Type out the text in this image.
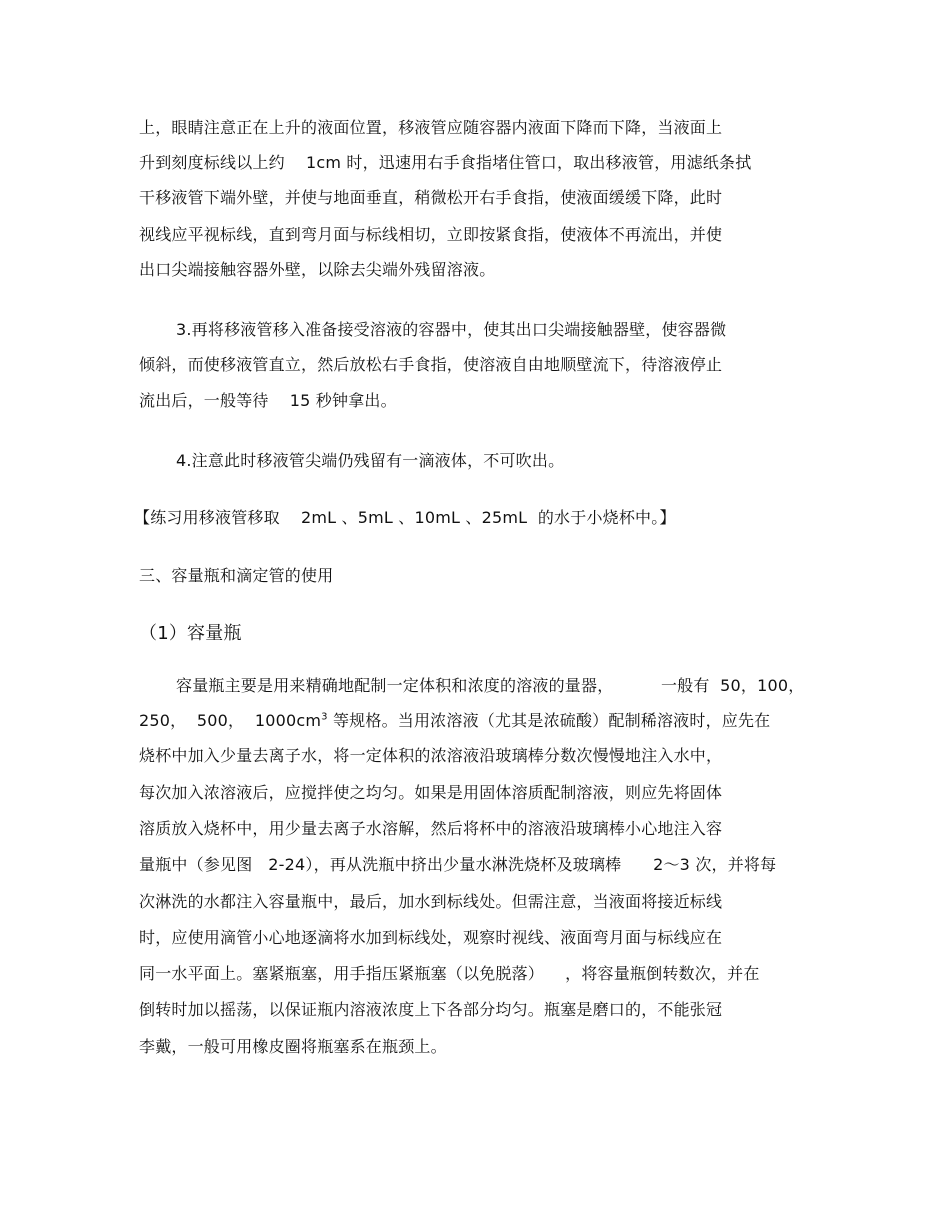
上，眼睛注意正在上升的液面位置，移液管应随容器内液面下降而下降，当液面上
升到刻度标线以上约    1cm 时，迅速用右手食指堵住管口，取出移液管，用滤纸条拭
干移液管下端外壁，并使与地面垂直，稍微松开右手食指，使液面缓缓下降，此时
视线应平视标线，直到弯月面与标线相切，立即按紧食指，使液体不再流出，并使
出口尖端接触容器外壁，以除去尖端外残留溶液。
3.再将移液管移入准备接受溶液的容器中，使其出口尖端接触器壁，使容器微
倾斜，而使移液管直立，然后放松右手食指，使溶液自由地顺壁流下，待溶液停止
流出后，一般等待    15 秒钟拿出。
4.注意此时移液管尖端仍残留有一滴液体，不可吹出。
【练习用移液管移取    2mL 、5mL 、10mL 、25mL  的水于小烧杯中。】
三、容量瓶和滴定管的使用
（1）容量瓶
容量瓶主要是用来精确地配制一定体积和浓度的溶液的量器，         一般有  50，100，
250，  500，  $1000cm^3$ 等规格。当用浓溶液（尤其是浓硫酸）配制稀溶液时，应先在
烧杯中加入少量去离子水，将一定体积的浓溶液沿玻璃棒分数次慢慢地注入水中，
每次加入浓溶液后，应搅拌使之均匀。如果是用固体溶质配制溶液，则应先将固体
溶质放入烧杯中，用少量去离子水溶解，然后将杯中的溶液沿玻璃棒小心地注入容
量瓶中（参见图   2-24），再从洗瓶中挤出少量水淋洗烧杯及玻璃棒      2～3 次，并将每
次淋洗的水都注入容量瓶中，最后，加水到标线处。但需注意，当液面将接近标线
时，应使用滴管小心地逐滴将水加到标线处，观察时视线、液面弯月面与标线应在
同一水平面上。塞紧瓶塞，用手指压紧瓶塞（以免脱落）    ，将容量瓶倒转数次，并在
倒转时加以摇荡，以保证瓶内溶液浓度上下各部分均匀。瓶塞是磨口的，不能张冠
李戴，一般可用橡皮圈将瓶塞系在瓶颈上。
